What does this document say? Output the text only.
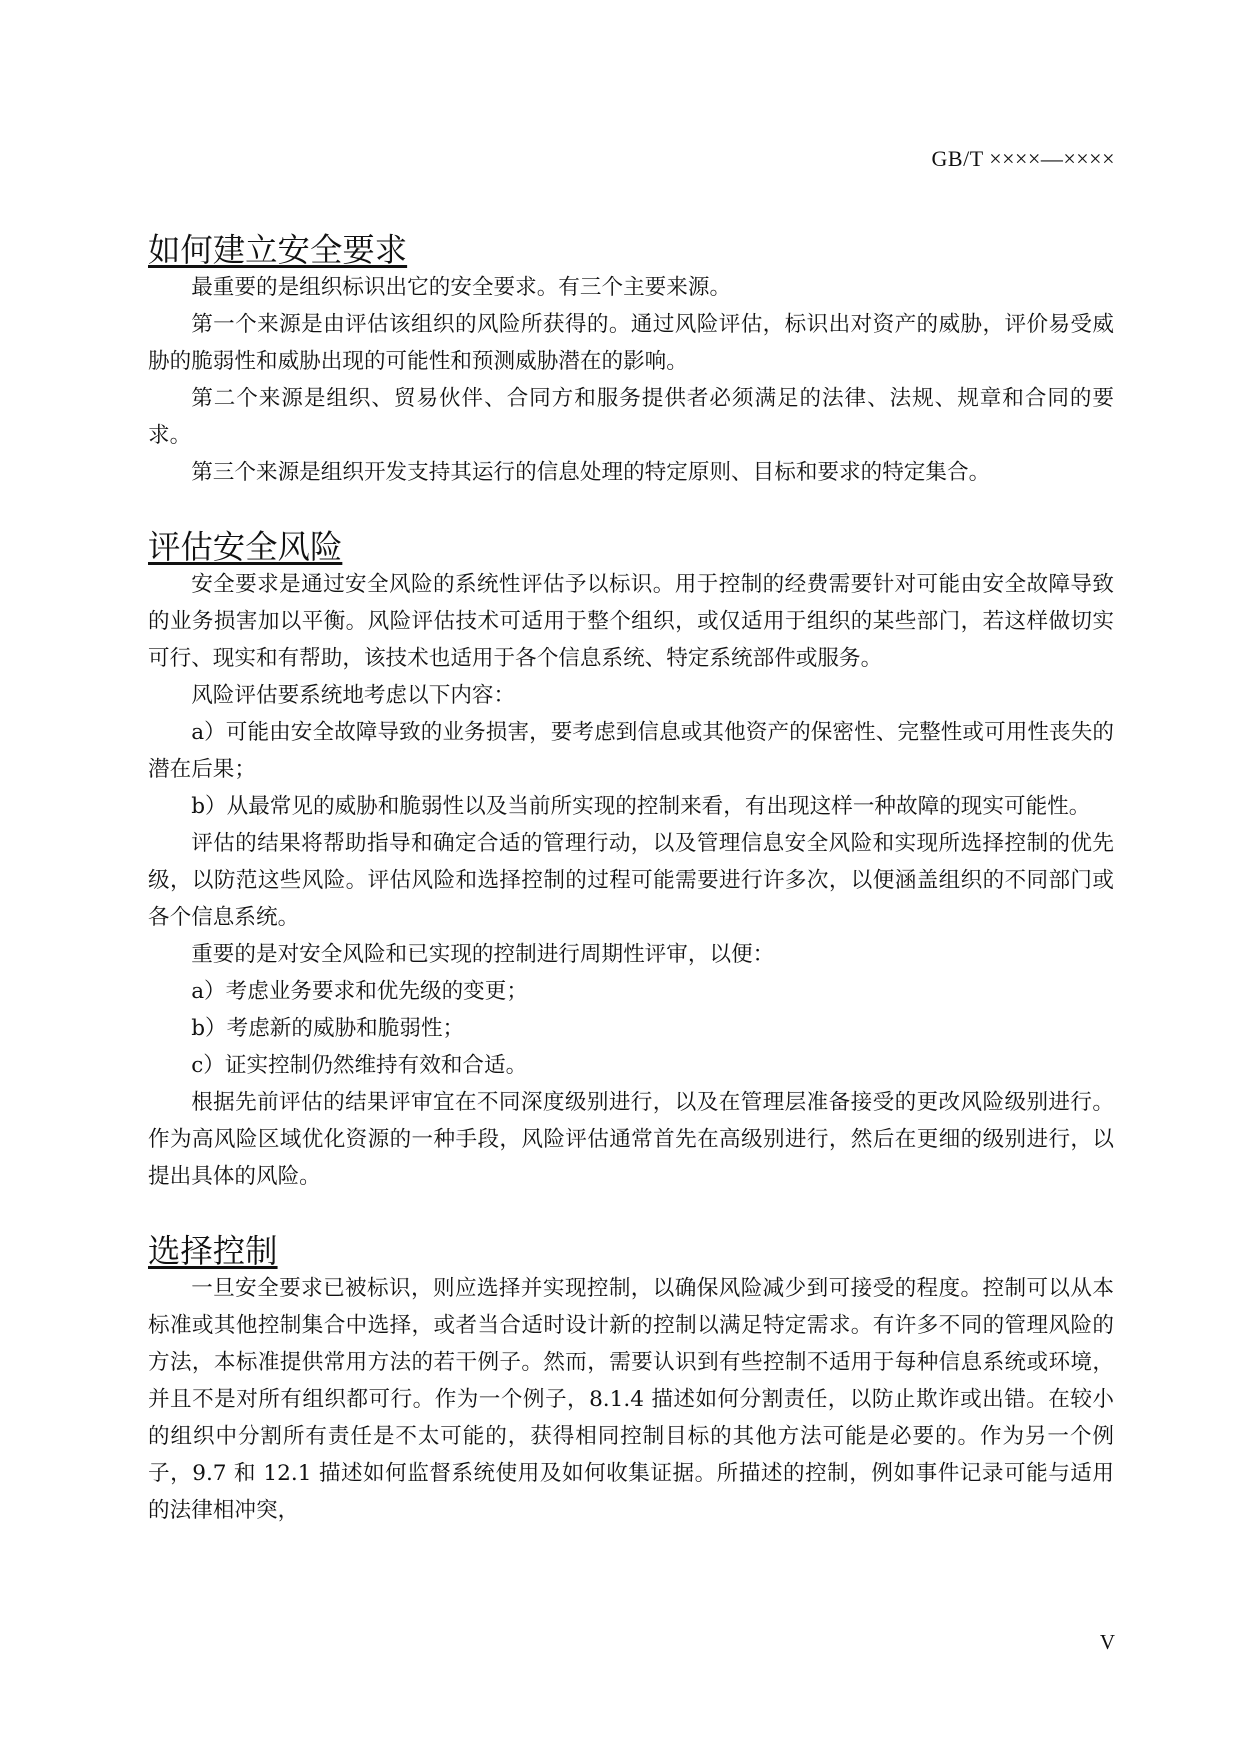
GB/T ××××—××××
如何建立安全要求

最重要的是组织标识出它的安全要求。有三个主要来源。

第一个来源是由评估该组织的风险所获得的。通过风险评估，标识出对资产的威胁，评价易受威胁的脆弱性和威胁出现的可能性和预测威胁潜在的影响。

第二个来源是组织、贸易伙伴、合同方和服务提供者必须满足的法律、法规、规章和合同的要求。

第三个来源是组织开发支持其运行的信息处理的特定原则、目标和要求的特定集合。

评估安全风险

安全要求是通过安全风险的系统性评估予以标识。用于控制的经费需要针对可能由安全故障导致的业务损害加以平衡。风险评估技术可适用于整个组织，或仅适用于组织的某些部门，若这样做切实可行、现实和有帮助，该技术也适用于各个信息系统、特定系统部件或服务。

风险评估要系统地考虑以下内容：

a）可能由安全故障导致的业务损害，要考虑到信息或其他资产的保密性、完整性或可用性丧失的潜在后果；

b）从最常见的威胁和脆弱性以及当前所实现的控制来看，有出现这样一种故障的现实可能性。

评估的结果将帮助指导和确定合适的管理行动，以及管理信息安全风险和实现所选择控制的优先级，以防范这些风险。评估风险和选择控制的过程可能需要进行许多次，以便涵盖组织的不同部门或各个信息系统。

重要的是对安全风险和已实现的控制进行周期性评审，以便：

a）考虑业务要求和优先级的变更；

b）考虑新的威胁和脆弱性；

c）证实控制仍然维持有效和合适。

根据先前评估的结果评审宜在不同深度级别进行，以及在管理层准备接受的更改风险级别进行。作为高风险区域优化资源的一种手段，风险评估通常首先在高级别进行，然后在更细的级别进行，以提出具体的风险。

选择控制

一旦安全要求已被标识，则应选择并实现控制，以确保风险减少到可接受的程度。控制可以从本标准或其他控制集合中选择，或者当合适时设计新的控制以满足特定需求。有许多不同的管理风险的方法，本标准提供常用方法的若干例子。然而，需要认识到有些控制不适用于每种信息系统或环境，并且不是对所有组织都可行。作为一个例子，8.1.4 描述如何分割责任，以防止欺诈或出错。在较小的组织中分割所有责任是不太可能的，获得相同控制目标的其他方法可能是必要的。作为另一个例子，9.7 和 12.1 描述如何监督系统使用及如何收集证据。所描述的控制，例如事件记录可能与适用的法律相冲突，

V
